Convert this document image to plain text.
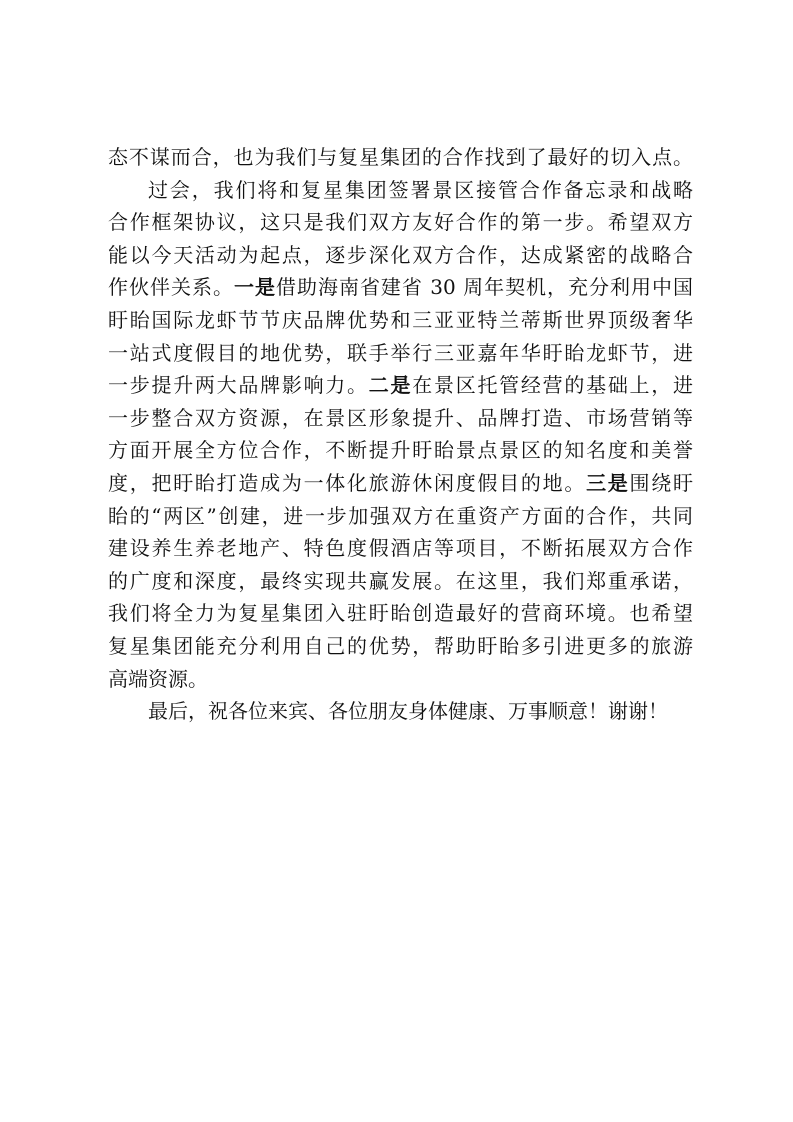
态不谋而合，也为我们与复星集团的合作找到了最好的切入点。
过会，我们将和复星集团签署景区接管合作备忘录和战略
合作框架协议，这只是我们双方友好合作的第一步。希望双方
能以今天活动为起点，逐步深化双方合作，达成紧密的战略合
作伙伴关系。一是借助海南省建省 30 周年契机，充分利用中国
盱眙国际龙虾节节庆品牌优势和三亚亚特兰蒂斯世界顶级奢华
一站式度假目的地优势，联手举行三亚嘉年华盱眙龙虾节，进
一步提升两大品牌影响力。二是在景区托管经营的基础上，进
一步整合双方资源，在景区形象提升、品牌打造、市场营销等
方面开展全方位合作，不断提升盱眙景点景区的知名度和美誉
度，把盱眙打造成为一体化旅游休闲度假目的地。三是围绕盱
眙的“两区”创建，进一步加强双方在重资产方面的合作，共同
建设养生养老地产、特色度假酒店等项目，不断拓展双方合作
的广度和深度，最终实现共赢发展。在这里，我们郑重承诺，
我们将全力为复星集团入驻盱眙创造最好的营商环境。也希望
复星集团能充分利用自己的优势，帮助盱眙多引进更多的旅游
高端资源。
最后，祝各位来宾、各位朋友身体健康、万事顺意！谢谢！
